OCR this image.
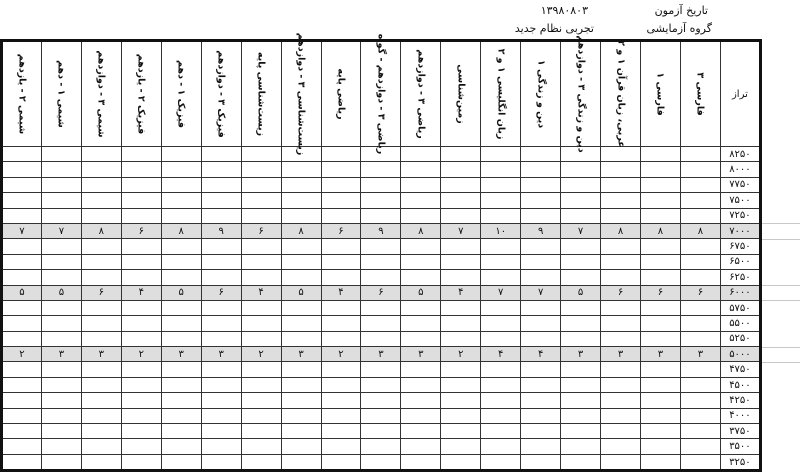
تاریخ آزمون
۱۳۹۸۰۸۰۳
گروه آزمایشی
تجربی نظام جدید
شیمی ۲ - یازدهم	شیمی ۱ - دهم	شیمی ۳ - دوازدهم	فیزیک ۲ - یازدهم	فیزیک ۱ - دهم	فیزیک ۳ - دوازدهم	زیست‌شناسی پایه	زیست‌شناسی ۳ - دوازدهم	ریاضی پایه	ریاضی ۳ - دوازدهم - گواه	ریاضی ۳ - دوازدهم	زمین‌شناسی	زبان انگلیسی ۱ و ۲	دین و زندگی ۱	دین و زندگی ۳ - دوازدهم	عربی، زبان قرآن ۱ و ۲	فارسی ۱	فارسی ۳	تراز
																		۸۲۵۰
																		۸۰۰۰
																		۷۷۵۰
																		۷۵۰۰
																		۷۲۵۰
۷	۷	۸	۶	۸	۹	۶	۸	۶	۹	۸	۷	۱۰	۹	۷	۸	۸	۸	۷۰۰۰
																		۶۷۵۰
																		۶۵۰۰
																		۶۲۵۰
۵	۵	۶	۴	۵	۶	۴	۵	۴	۶	۵	۴	۷	۷	۵	۶	۶	۶	۶۰۰۰
																		۵۷۵۰
																		۵۵۰۰
																		۵۲۵۰
۲	۳	۳	۲	۳	۳	۲	۳	۲	۳	۳	۲	۴	۴	۳	۳	۳	۳	۵۰۰۰
																		۴۷۵۰
																		۴۵۰۰
																		۴۲۵۰
																		۴۰۰۰
																		۳۷۵۰
																		۳۵۰۰
																		۳۲۵۰
